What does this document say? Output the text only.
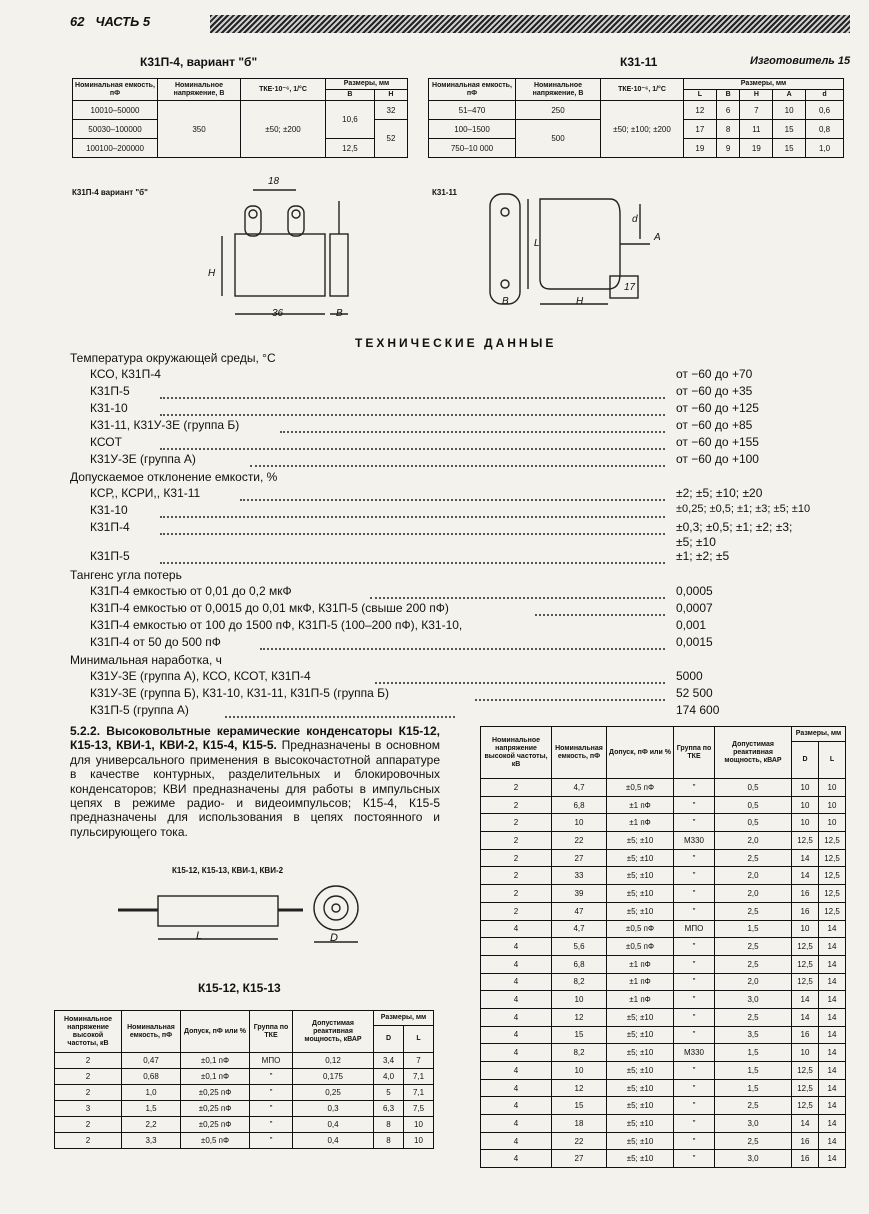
62 ЧАСТЬ 5
К31П-4, вариант "б"
Номинальная емкость, пФ	Номинальное напряжение, В	ТКЕ·10⁻⁶, 1/°С	Размеры, мм	
			B	H
10010–50000	350	±50; ±200	10,6	32
50030–100000				52
100100–200000			12,5	
К31-11	Изготовитель 15
Номинальная емкость, пФ	Номинальное напряжение, В	ТКЕ·10⁻⁶, 1/°С	Размеры, мм				
			L	B	H	A	d
51–470	250	±50; ±100; ±200	12	6	7	10	0,6
100–1500	500		17	8	11	15	0,8
750–10 000			19	9	19	15	1,0
К31П-4 вариант "б"
18
H
36	B
К31-11
B
L
H
A
17
d
ТЕХНИЧЕСКИЕ ДАННЫЕ
Температура окружающей среды, °С
КСО, К31П-4	от −60 до +70
К31П-5	от −60 до +35
К31-10	от −60 до +125
К31-11, К31У-3Е (группа Б)	от −60 до +85
КСОТ	от −60 до +155
К31У-3Е (группа А)	от −60 до +100
Допускаемое отклонение емкости, %
КСР,, КСРИ,, К31-11	±2; ±5; ±10; ±20
К31-10	±0,25; ±0,5; ±1; ±3; ±5; ±10
К31П-4	±0,3; ±0,5; ±1; ±2; ±3;
±5; ±10
К31П-5	±1; ±2; ±5
Тангенс угла потерь
К31П-4 емкостью от 0,01 до 0,2 мкФ	0,0005
К31П-4 емкостью от 0,0015 до 0,01 мкФ, К31П-5 (свыше 200 пФ)	0,0007
К31П-4 емкостью от 100 до 1500 пФ, К31П-5 (100–200 пФ), К31-10,	0,001
К31П-4 от 50 до 500 пФ	0,0015
Минимальная наработка, ч
К31У-3Е (группа А), КСО, КСОТ, К31П-4	5000
К31У-3Е (группа Б), К31-10, К31-11, К31П-5 (группа Б)	52 500
К31П-5 (группа А)	174 600
5.2.2. Высоковольтные керамические конденсаторы К15-12, К15-13, КВИ-1, КВИ-2, К15-4, К15-5. Предназначены в основном для универсального применения в высокочастотной аппаратуре в качестве контурных, разделительных и блокировочных конденсаторов; КВИ предназначены для работы в импульсных цепях в режиме радио- и видеоимпульсов; К15-4, К15-5 предназначены для использования в цепях постоянного и пульсирующего тока.
К15-12, К15-13, КВИ-1, КВИ-2
L	D
К15-12, К15-13
Номинальное напряжение высокой частоты, кВ	Номинальная емкость, пФ	Допуск, пФ или %	Группа по ТКЕ	Допустимая реактивная мощность, кВАР	Размеры, мм	
					D	L
2	0,47	±0,1 пФ	МПО	0,12	3,4	7
2	0,68	±0,1 пФ	"	0,175	4,0	7,1
2	1,0	±0,25 пФ	"	0,25	5	7,1
3	1,5	±0,25 пФ	"	0,3	6,3	7,5
2	2,2	±0,25 пФ	"	0,4	8	10
2	3,3	±0,5 пФ	"	0,4	8	10
Номинальное напряжение высокой частоты, кВ	Номинальная емкость, пФ	Допуск, пФ или %	Группа по ТКЕ	Допустимая реактивная мощность, кВАР	Размеры, мм	
					D	L
2	4,7	±0,5 пФ	"	0,5	10	10
2	6,8	±1 пФ	"	0,5	10	10
2	10	±1 пФ	"	0,5	10	10
2	22	±5; ±10	М330	2,0	12,5	12,5
2	27	±5; ±10	"	2,5	14	12,5
2	33	±5; ±10	"	2,0	14	12,5
2	39	±5; ±10	"	2,0	16	12,5
2	47	±5; ±10	"	2,5	16	12,5
4	4,7	±0,5 пФ	МПО	1,5	10	14
4	5,6	±0,5 пФ	"	2,5	12,5	14
4	6,8	±1 пФ	"	2,5	12,5	14
4	8,2	±1 пФ	"	2,0	12,5	14
4	10	±1 пФ	"	3,0	14	14
4	12	±5; ±10	"	2,5	14	14
4	15	±5; ±10	"	3,5	16	14
4	8,2	±5; ±10	М330	1,5	10	14
4	10	±5; ±10	"	1,5	12,5	14
4	12	±5; ±10	"	1,5	12,5	14
4	15	±5; ±10	"	2,5	12,5	14
4	18	±5; ±10	"	3,0	14	14
4	22	±5; ±10	"	2,5	16	14
4	27	±5; ±10	"	3,0	16	14
